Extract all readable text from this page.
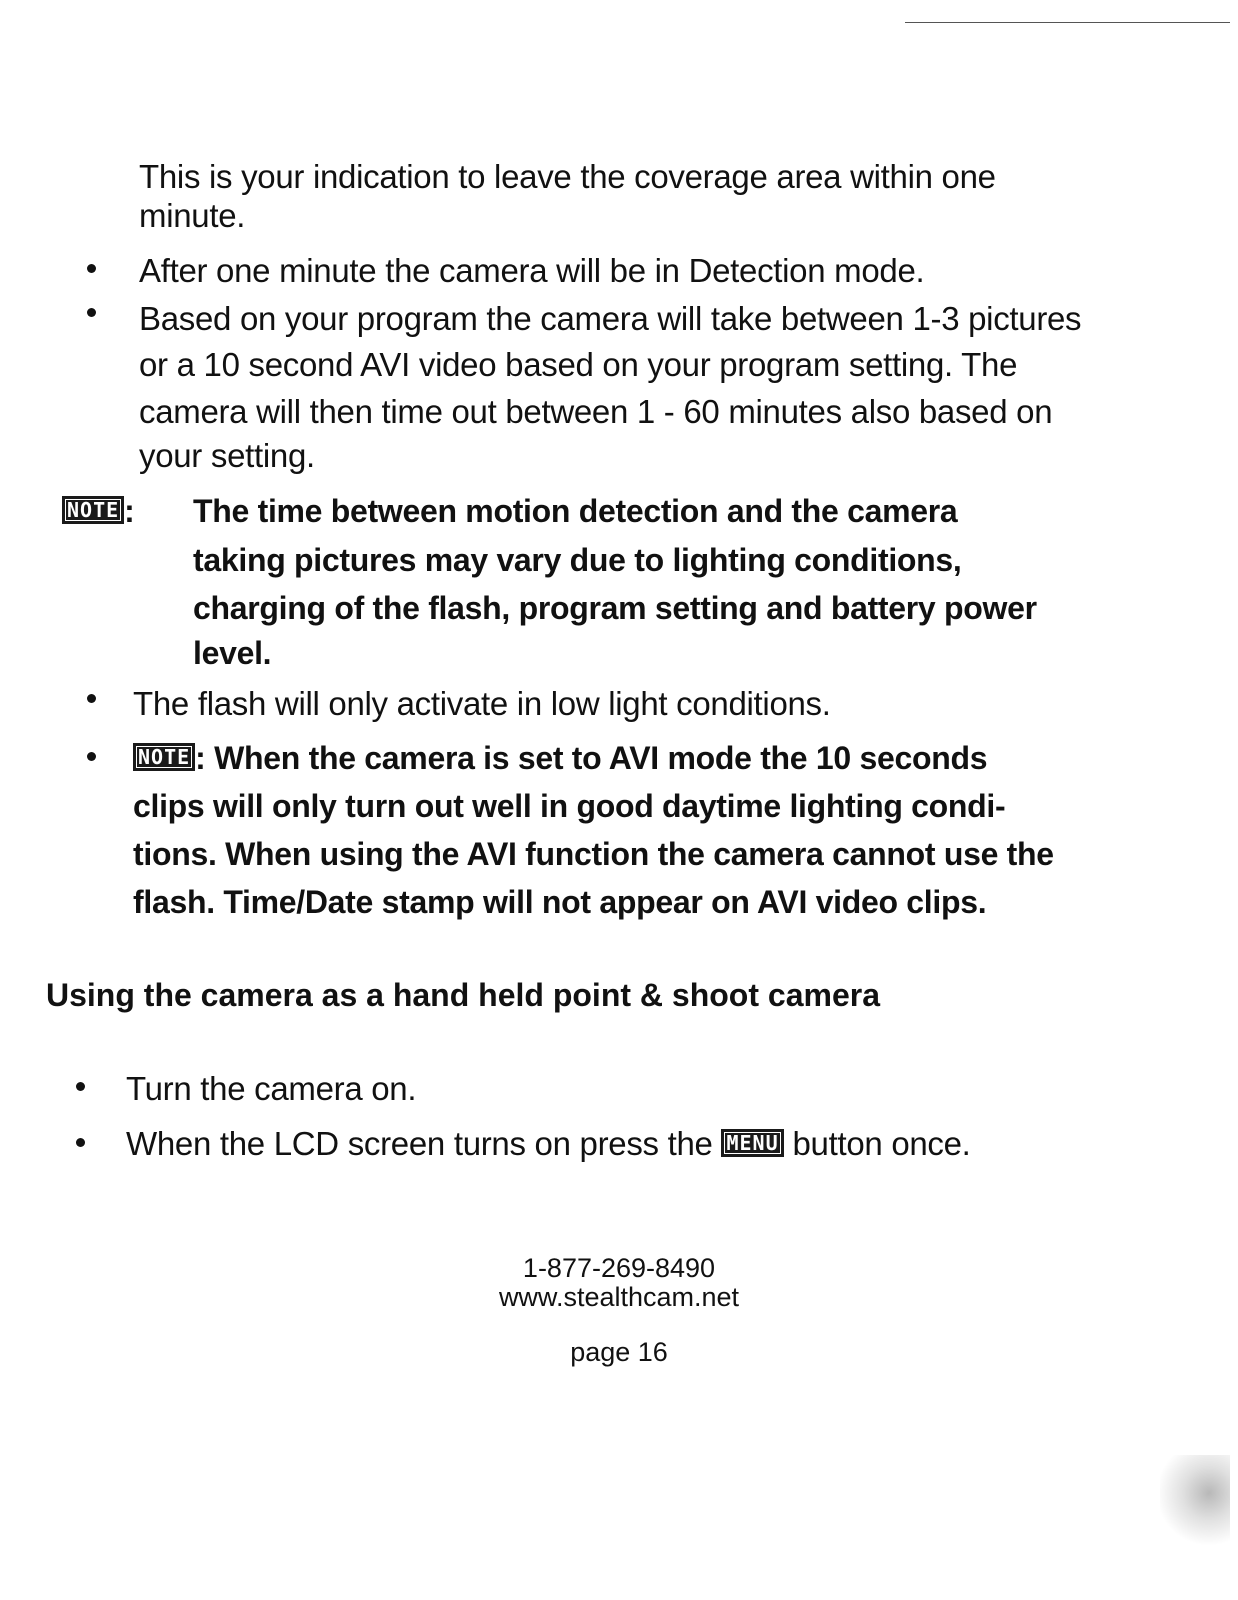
This is your indication to leave the coverage area within one
minute.
After one minute the camera will be in Detection mode.
Based on your program the camera will take between 1-3 pictures
or a 10 second AVI video based on your program setting. The
camera will then time out between 1 - 60 minutes also based on
your setting.
NOTE : The time between motion detection and the camera
taking pictures may vary due to lighting conditions,
charging of the flash, program setting and battery power
level.
The flash will only activate in low light conditions.
NOTE : When the camera is set to AVI mode the 10 seconds
clips will only turn out well in good daytime lighting condi-
tions. When using the AVI function the camera cannot use the
flash. Time/Date stamp will not appear on AVI video clips.
Using the camera as a hand held point & shoot camera
Turn the camera on.
When the LCD screen turns on press the MENU button once.
1-877-269-8490
www.stealthcam.net
page 16
